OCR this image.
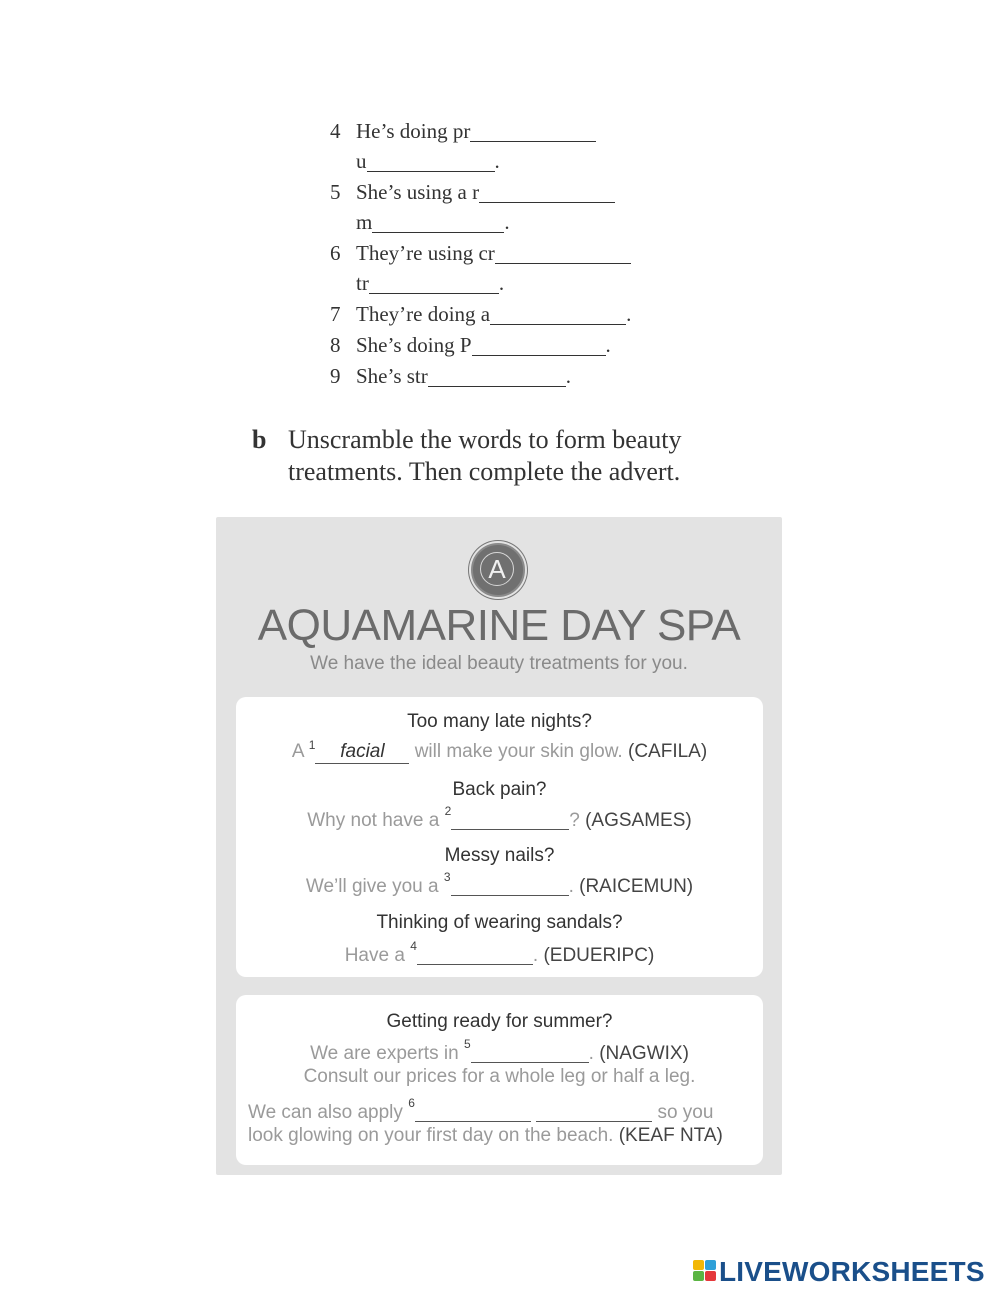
4 He’s doing pr
u	.
5 She’s using a r
m	.
6 They’re using cr
tr	.
7 They’re doing a	.
8 She’s doing P	.
9 She’s str	.
b Unscramble the words to form beauty treatments. Then complete the advert.
A
AQUAMARINE DAY SPA
We have the ideal beauty treatments for you.
Too many late nights?
A $^1$ facial will make your skin glow. (CAFILA)
Back pain?
Why not have a $^2$	? (AGSAMES)
Messy nails?
We’ll give you a $^3$	. (RAICEMUN)
Thinking of wearing sandals?
Have a $^4$	. (EDUERIPC)
Getting ready for summer?
We are experts in $^5$	. (NAGWIX)
Consult our prices for a whole leg or half a leg.
We can also apply $^6$	so you
look glowing on your first day on the beach. (KEAF NTA)
LIVEWORKSHEETS
